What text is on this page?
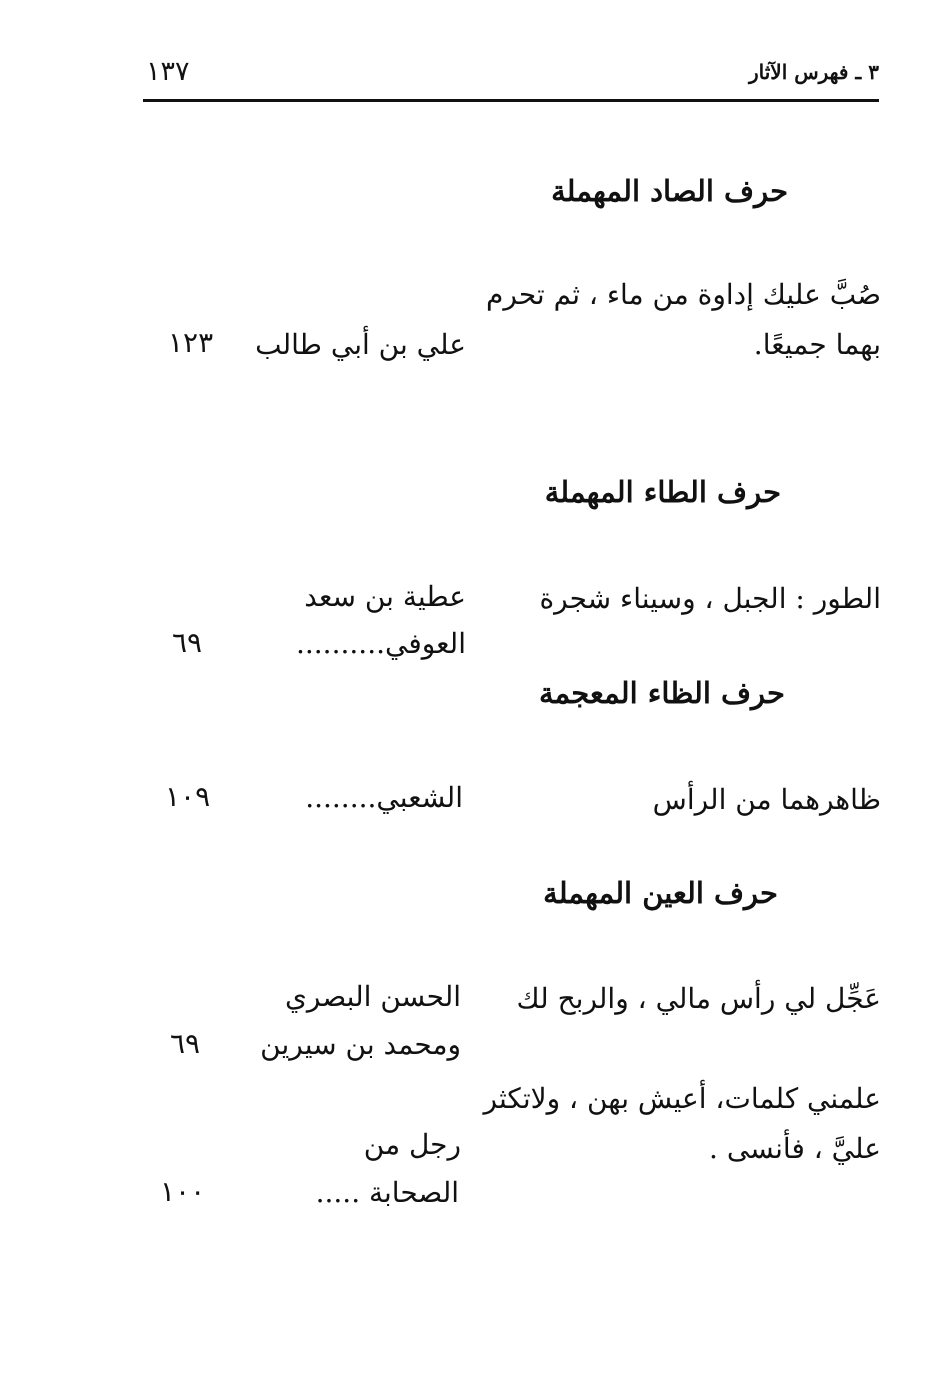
٣ ـ فهرس الآثار
١٣٧
حرف الصاد المهملة
صُبَّ عليك إداوة من ماء ، ثم تحرم بهما جميعًا.
علي بن أبي طالب
١٢٣
حرف الطاء المهملة
الطور : الجبل ، وسيناء شجرة
عطية بن سعد
العوفي..........
٦٩
حرف الظاء المعجمة
ظاهرهما من الرأس
الشعبي........
١٠٩
حرف العين المهملة
عَجِّل لي رأس مالي ، والربح لك
الحسن البصري
ومحمد بن سيرين
٦٩
علمني كلمات، أعيش بهن ، ولاتكثر
عليَّ ، فأنسى .
رجل من
الصحابة .....
١٠٠
